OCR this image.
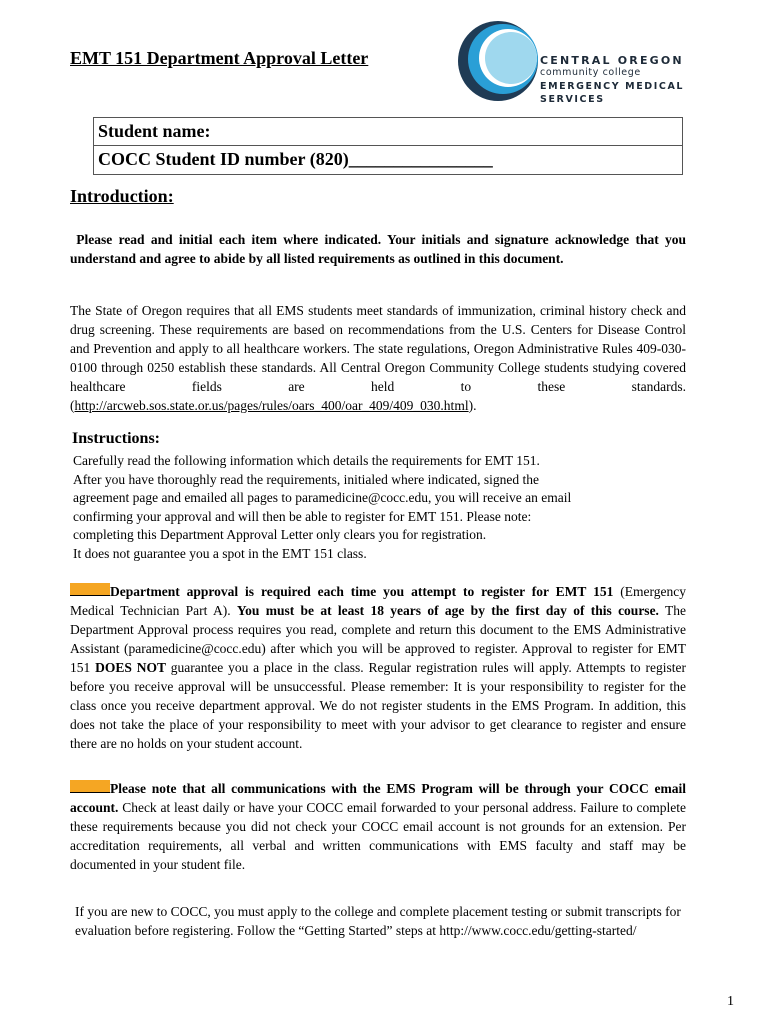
EMT 151 Department Approval Letter	CENTRAL OREGON
community college
EMERGENCY MEDICAL
SERVICES
Student name:
COCC Student ID number (820)________________
Introduction:
Please read and initial each item where indicated. Your initials and signature acknowledge that you understand and agree to abide by all listed requirements as outlined in this document.
The State of Oregon requires that all EMS students meet standards of immunization, criminal history check and drug screening. These requirements are based on recommendations from the U.S. Centers for Disease Control and Prevention and apply to all healthcare workers. The state regulations, Oregon Administrative Rules 409-030-0100 through 0250 establish these standards. All Central Oregon Community College students studying covered healthcare fields are held to these standards. (http://arcweb.sos.state.or.us/pages/rules/oars_400/oar_409/409_030.html).
Instructions:
Carefully read the following information which details the requirements for EMT 151.
After you have thoroughly read the requirements, initialed where indicated, signed the
agreement page and emailed all pages to paramedicine@cocc.edu, you will receive an email
confirming your approval and will then be able to register for EMT 151. Please note:
completing this Department Approval Letter only clears you for registration.
It does not guarantee you a spot in the EMT 151 class.
Department approval is required each time you attempt to register for EMT 151 (Emergency Medical Technician Part A). You must be at least 18 years of age by the first day of this course. The Department Approval process requires you read, complete and return this document to the EMS Administrative Assistant (paramedicine@cocc.edu) after which you will be approved to register. Approval to register for EMT 151 DOES NOT guarantee you a place in the class. Regular registration rules will apply. Attempts to register before you receive approval will be unsuccessful. Please remember: It is your responsibility to register for the class once you receive department approval. We do not register students in the EMS Program. In addition, this does not take the place of your responsibility to meet with your advisor to get clearance to register and ensure there are no holds on your student account.
Please note that all communications with the EMS Program will be through your COCC email account. Check at least daily or have your COCC email forwarded to your personal address. Failure to complete these requirements because you did not check your COCC email account is not grounds for an extension. Per accreditation requirements, all verbal and written communications with EMS faculty and staff may be documented in your student file.
If you are new to COCC, you must apply to the college and complete placement testing or submit transcripts for evaluation before registering. Follow the “Getting Started” steps at http://www.cocc.edu/getting-started/
1
